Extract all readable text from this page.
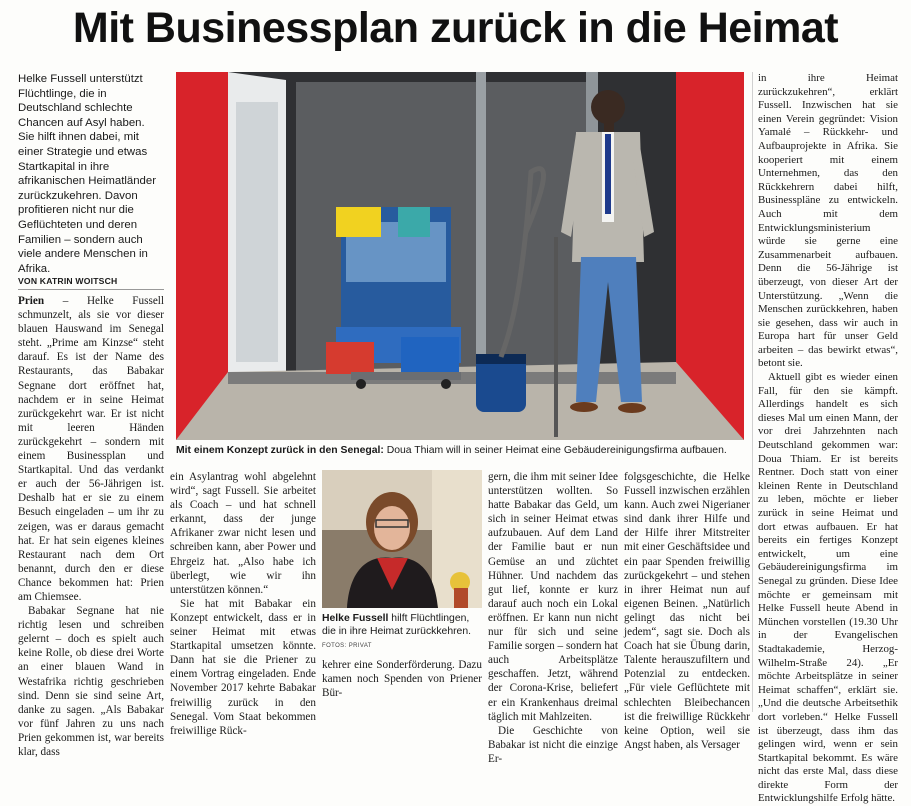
Mit Businessplan zurück in die Heimat
Helke Fussell unterstützt Flüchtlinge, die in Deutschland schlechte Chancen auf Asyl haben. Sie hilft ihnen dabei, mit einer Strategie und etwas Startkapital in ihre afrikanischen Heimatländer zurückzukehren. Davon profitieren nicht nur die Geflüchteten und deren Familien – sondern auch viele andere Menschen in Afrika.
VON KATRIN WOITSCH

Prien – Helke Fussell schmunzelt, als sie vor dieser blauen Hauswand im Senegal steht. „Prime am Kinzse“ steht darauf. Es ist der Name des Restaurants, das Babakar Segnane dort eröffnet hat, nachdem er in seine Heimat zurückgekehrt war. Er ist nicht mit leeren Händen zurückgekehrt – sondern mit einem Businessplan und Startkapital. Und das verdankt er auch der 56-Jährigen ist. Deshalb hat er sie zu einem Besuch eingeladen – um ihr zu zeigen, was er daraus gemacht hat. Er hat sein eigenes kleines Restaurant nach dem Ort benannt, durch den er diese Chance bekommen hat: Prien am Chiemsee.

Babakar Segnane hat nie richtig lesen und schreiben gelernt – doch es spielt auch keine Rolle, ob diese drei Worte an einer blauen Wand in Westafrika richtig geschrieben sind. Denn sie sind seine Art, danke zu sagen. „Als Babakar vor fünf Jahren zu uns nach Prien gekommen ist, war bereits klar, dass

Mit einem Konzept zurück in den Senegal: Doua Thiam will in seiner Heimat eine Gebäudereinigungsfirma aufbauen.

ein Asylantrag wohl abgelehnt wird“, sagt Fussell. Sie arbeitet als Coach – und hat schnell erkannt, dass der junge Afrikaner zwar nicht lesen und schreiben kann, aber Power und Ehrgeiz hat. „Also habe ich überlegt, wie wir ihn unterstützen können.“

Sie hat mit Babakar ein Konzept entwickelt, dass er in seiner Heimat mit etwas Startkapital umsetzen könnte. Dann hat sie die Priener zu einem Vortrag eingeladen. Ende November 2017 kehrte Babakar freiwillig zurück in den Senegal. Vom Staat bekommen freiwillige Rück-

Helke Fussell hilft Flüchtlingen, die in ihre Heimat zurückkehren. FOTOS: PRIVAT

kehrer eine Sonderförderung. Dazu kamen noch Spenden von Priener Bür-

gern, die ihm mit seiner Idee unterstützen wollten. So hatte Babakar das Geld, um sich in seiner Heimat etwas aufzubauen. Auf dem Land der Familie baut er nun Gemüse an und züchtet Hühner. Und nachdem das gut lief, konnte er kurz darauf auch noch ein Lokal eröffnen. Er kann nun nicht nur für sich und seine Familie sorgen – sondern hat auch Arbeitsplätze geschaffen. Jetzt, während der Corona-Krise, beliefert er ein Krankenhaus dreimal täglich mit Mahlzeiten.

Die Geschichte von Babakar ist nicht die einzige Er-

folgsgeschichte, die Helke Fussell inzwischen erzählen kann. Auch zwei Nigerianer sind dank ihrer Hilfe und der Hilfe ihrer Mitstreiter mit einer Geschäftsidee und ein paar Spenden freiwillig zurückgekehrt – und stehen in ihrer Heimat nun auf eigenen Beinen. „Natürlich gelingt das nicht bei jedem“, sagt sie. Doch als Coach hat sie Übung darin, Talente herauszufiltern und Potenzial zu entdecken. „Für viele Geflüchtete mit schlechten Bleibechancen ist die freiwillige Rückkehr keine Option, weil sie Angst haben, als Versager

in ihre Heimat zurückzukehren“, erklärt Fussell. Inzwischen hat sie einen Verein gegründet: Vision Yamalé – Rückkehr- und Aufbauprojekte in Afrika. Sie kooperiert mit einem Unternehmen, das den Rückkehrern dabei hilft, Businesspläne zu entwickeln. Auch mit dem Entwicklungsministerium würde sie gerne eine Zusammenarbeit aufbauen. Denn die 56-Jährige ist überzeugt, von dieser Art der Unterstützung. „Wenn die Menschen zurückkehren, haben sie gesehen, dass wir auch in Europa hart für unser Geld arbeiten – das bewirkt etwas“, betont sie.

Aktuell gibt es wieder einen Fall, für den sie kämpft. Allerdings handelt es sich dieses Mal um einen Mann, der vor drei Jahrzehnten nach Deutschland gekommen war: Doua Thiam. Er ist bereits Rentner. Doch statt von einer kleinen Rente in Deutschland zu leben, möchte er lieber zurück in seine Heimat und dort etwas aufbauen. Er hat bereits ein fertiges Konzept entwickelt, um eine Gebäudereinigungsfirma im Senegal zu gründen. Diese Idee möchte er gemeinsam mit Helke Fussell heute Abend in München vorstellen (19.30 Uhr in der Evangelischen Stadtakademie, Herzog-Wilhelm-Straße 24). „Er möchte Arbeitsplätze in seiner Heimat schaffen“, erklärt sie. „Und die deutsche Arbeitsethik dort vorleben.“ Helke Fussell ist überzeugt, dass ihm das gelingen wird, wenn er sein Startkapital bekommt. Es wäre nicht das erste Mal, dass diese direkte Form der Entwicklungshilfe Erfolg hätte.
